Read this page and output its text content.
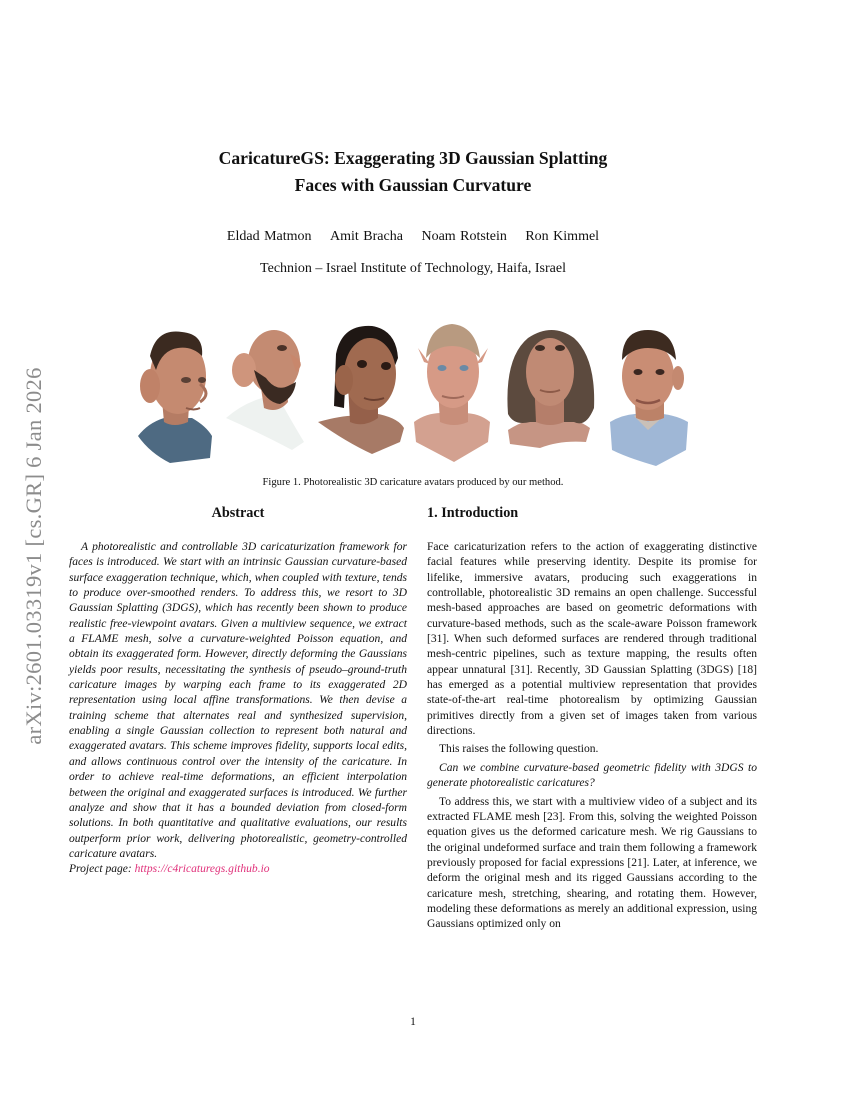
arXiv:2601.03319v1 [cs.GR] 6 Jan 2026
CaricatureGS: Exaggerating 3D Gaussian Splatting
Faces with Gaussian Curvature
Eldad Matmon Amit Bracha Noam Rotstein Ron Kimmel
Technion – Israel Institute of Technology, Haifa, Israel
Figure 1. Photorealistic 3D caricature avatars produced by our method.
Abstract

A photorealistic and controllable 3D caricaturization framework for faces is introduced. We start with an intrinsic Gaussian curvature-based surface exaggeration technique, which, when coupled with texture, tends to produce over-smoothed renders. To address this, we resort to 3D Gaussian Splatting (3DGS), which has recently been shown to produce realistic free-viewpoint avatars. Given a multiview sequence, we extract a FLAME mesh, solve a curvature-weighted Poisson equation, and obtain its exaggerated form. However, directly deforming the Gaussians yields poor results, necessitating the synthesis of pseudo–ground-truth caricature images by warping each frame to its exaggerated 2D representation using local affine transformations. We then devise a training scheme that alternates real and synthesized supervision, enabling a single Gaussian collection to represent both natural and exaggerated avatars. This scheme improves fidelity, supports local edits, and allows continuous control over the intensity of the caricature. In order to achieve real-time deformations, an efficient interpolation between the original and exaggerated surfaces is introduced. We further analyze and show that it has a bounded deviation from closed-form solutions. In both quantitative and qualitative evaluations, our results outperform prior work, delivering photorealistic, geometry-controlled caricature avatars.

Project page: https://c4ricaturegs.github.io
1. Introduction

Face caricaturization refers to the action of exaggerating distinctive facial features while preserving identity. Despite its promise for lifelike, immersive avatars, producing such exaggerations in controllable, photorealistic 3D remains an open challenge. Successful mesh-based approaches are based on geometric deformations with curvature-based methods, such as the scale-aware Poisson framework [31]. When such deformed surfaces are rendered through traditional mesh-centric pipelines, such as texture mapping, the results often appear unnatural [31]. Recently, 3D Gaussian Splatting (3DGS) [18] has emerged as a potential multiview representation that provides state-of-the-art real-time photorealism by optimizing Gaussian primitives directly from a given set of images taken from various directions.

This raises the following question.

Can we combine curvature-based geometric fidelity with 3DGS to generate photorealistic caricatures?

To address this, we start with a multiview video of a subject and its extracted FLAME mesh [23]. From this, solving the weighted Poisson equation gives us the deformed caricature mesh. We rig Gaussians to the original undeformed surface and train them following a framework previously proposed for facial expressions [21]. Later, at inference, we deform the original mesh and its rigged Gaussians according to the caricature mesh, stretching, shearing, and rotating them. However, modeling these deformations as merely an additional expression, using Gaussians optimized only on

1
